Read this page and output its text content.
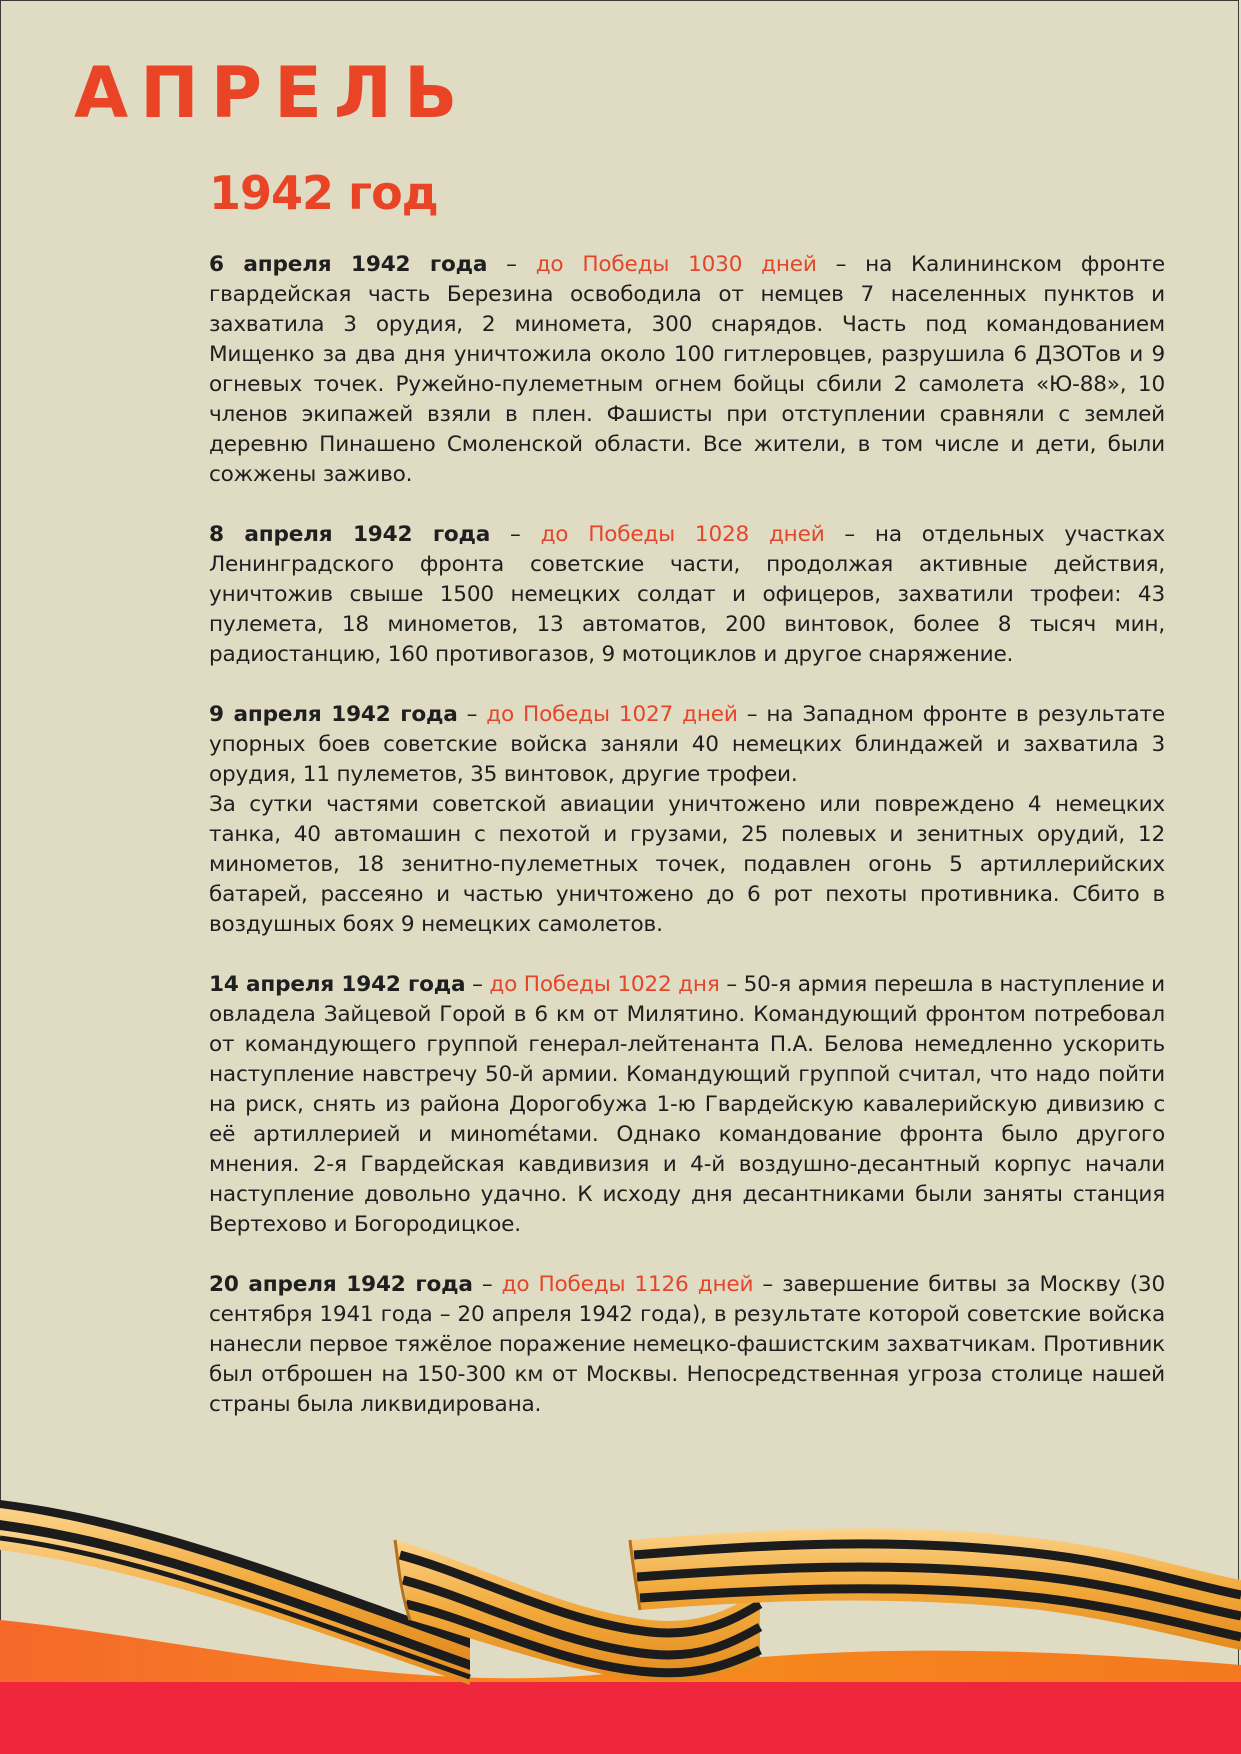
АПРЕЛЬ
1942 год

6 апреля 1942 года – до Победы 1030 дней – на Калининском фронте гвардейская часть Березина освободила от немцев 7 населенных пунктов и захватила 3 орудия, 2 миномета, 300 снарядов. Часть под командованием Мищенко за два дня уничтожила около 100 гитлеровцев, разрушила 6 ДЗОТов и 9 огневых точек. Ружейно-пулеметным огнем бойцы сбили 2 самолета «Ю-88», 10 членов экипажей взяли в плен. Фашисты при отступлении сравняли с землей деревню Пинашено Смоленской области. Все жители, в том числе и дети, были сожжены заживо.

8 апреля 1942 года – до Победы 1028 дней – на отдельных участках Ленинградского фронта советские части, продолжая активные действия, уничтожив свыше 1500 немецких солдат и офицеров, захватили трофеи: 43 пулемета, 18 минометов, 13 автоматов, 200 винтовок, более 8 тысяч мин, радиостанцию, 160 противогазов, 9 мотоциклов и другое снаряжение.

9 апреля 1942 года – до Победы 1027 дней – на Западном фронте в результате упорных боев советские войска заняли 40 немецких блиндажей и захватила 3 орудия, 11 пулеметов, 35 винтовок, другие трофеи.

За сутки частями советской авиации уничтожено или повреждено 4 немецких танка, 40 автомашин с пехотой и грузами, 25 полевых и зенитных орудий, 12 минометов, 18 зенитно-пулеметных точек, подавлен огонь 5 артиллерийских батарей, рассеяно и частью уничтожено до 6 рот пехоты противника. Сбито в воздушных боях 9 немецких самолетов.

14 апреля 1942 года – до Победы 1022 дня – 50-я армия перешла в наступление и овладела Зайцевой Горой в 6 км от Милятино. Командующий фронтом потребовал от командующего группой генерал-лейтенанта П.А. Белова немедленно ускорить наступление навстречу 50-й армии. Командующий группой считал, что надо пойти на риск, снять из района Дорогобужа 1-ю Гвардейскую кавалерийскую дивизию с её артиллерией и минométами. Однако командование фронта было другого мнения. 2-я Гвардейская кавдивизия и 4-й воздушно-десантный корпус начали наступление довольно удачно. К исходу дня десантниками были заняты станция Вертехово и Богородицкое.

20 апреля 1942 года – до Победы 1126 дней – завершение битвы за Москву (30 сентября 1941 года – 20 апреля 1942 года), в результате которой советские войска нанесли первое тяжёлое поражение немецко-фашистским захватчикам. Противник был отброшен на 150-300 км от Москвы. Непосредственная угроза столице нашей страны была ликвидирована.
